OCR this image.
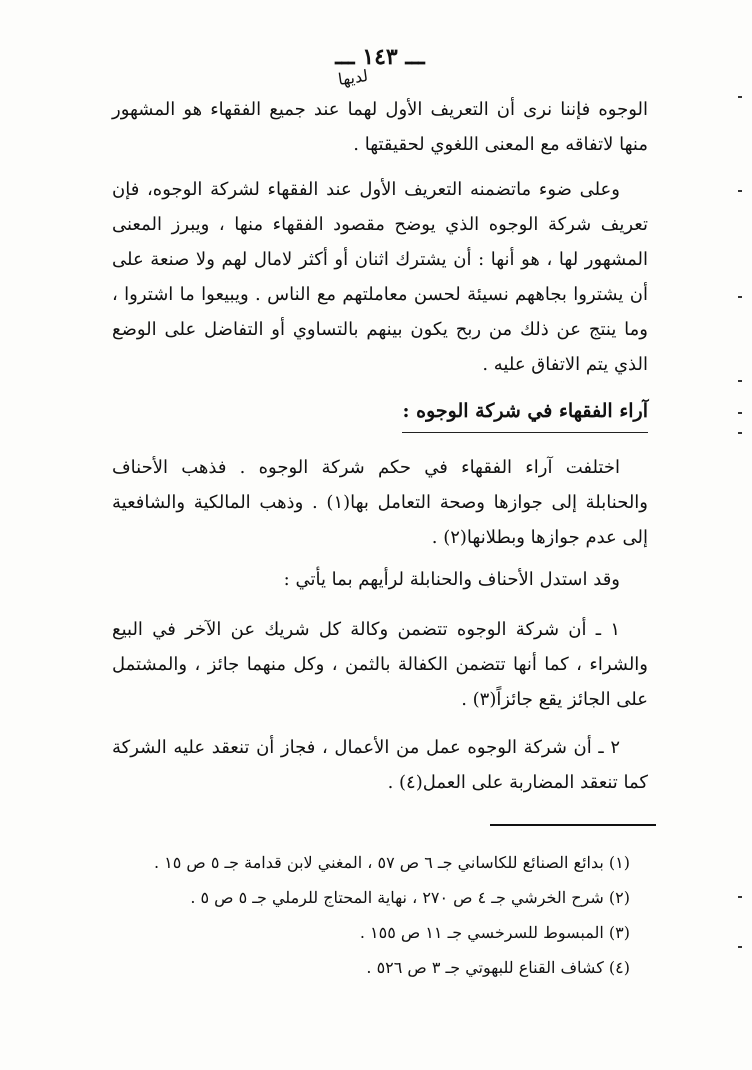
ـــ ١٤٣ ـــ
لديها
الوجوه فإننا نرى أن التعريف الأول لهما عند جميع الفقهاء هو المشهور منها لاتفاقه مع المعنى اللغوي لحقيقتها .
وعلى ضوء ماتضمنه التعريف الأول عند الفقهاء لشركة الوجوه، فإن تعريف شركة الوجوه الذي يوضح مقصود الفقهاء منها ، ويبرز المعنى المشهور لها ، هو أنها : أن يشترك اثنان أو أكثر لامال لهم ولا صنعة على أن يشتروا بجاههم نسيئة لحسن معاملتهم مع الناس . ويبيعوا ما اشتروا ، وما ينتج عن ذلك من ربح يكون بينهم بالتساوي أو التفاضل على الوضع الذي يتم الاتفاق عليه .
آراء الفقهاء في شركة الوجوه :
اختلفت آراء الفقهاء في حكم شركة الوجوه . فذهب الأحناف والحنابلة إلى جوازها وصحة التعامل بها(١) . وذهب المالكية والشافعية إلى عدم جوازها وبطلانها(٢) .
وقد استدل الأحناف والحنابلة لرأيهم بما يأتي :
١ ـ أن شركة الوجوه تتضمن وكالة كل شريك عن الآخر في البيع والشراء ، كما أنها تتضمن الكفالة بالثمن ، وكل منهما جائز ، والمشتمل على الجائز يقع جائزاً(٣) .
٢ ـ أن شركة الوجوه عمل من الأعمال ، فجاز أن تنعقد عليه الشركة كما تنعقد المضاربة على العمل(٤) .
(١) بدائع الصنائع للكاساني جـ ٦ ص ٥٧ ، المغني لابن قدامة جـ ٥ ص ١٥ .
(٢) شرح الخرشي جـ ٤ ص ٢٧٠ ، نهاية المحتاج للرملي جـ ٥ ص ٥ .
(٣) المبسوط للسرخسي جـ ١١ ص ١٥٥ .
(٤) كشاف القناع للبهوتي جـ ٣ ص ٥٢٦ .
